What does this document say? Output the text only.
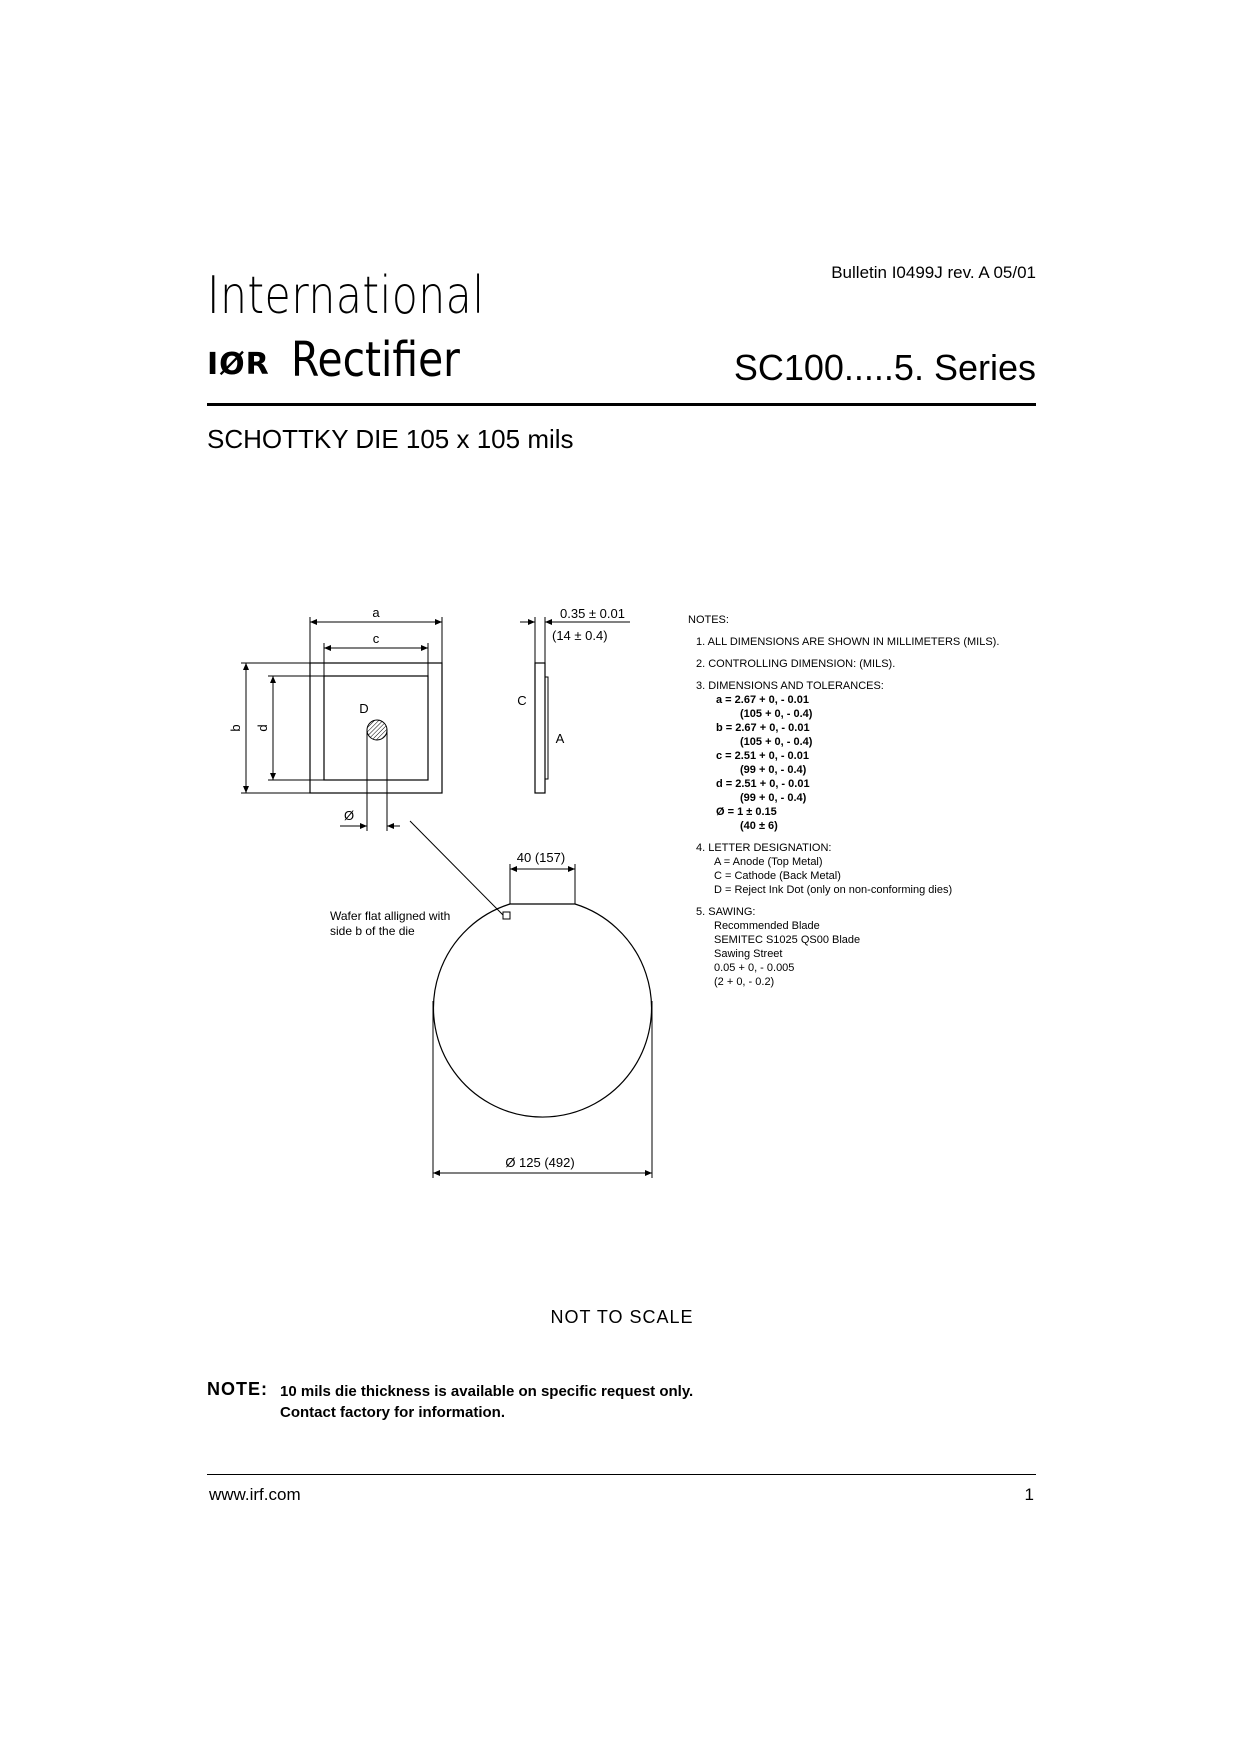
Bulletin I0499J rev. A 05/01
International
IØR Rectifier	SC100.....5. Series
SCHOTTKY DIE 105 x 105 mils
a
c
b d
D
Ø
C
A
0.35 ± 0.01
(14 ± 0.4)
40 (157)
Wafer flat alligned with
side b of the die
Ø 125 (492)
NOTES:
1. ALL DIMENSIONS ARE SHOWN IN MILLIMETERS (MILS).
2. CONTROLLING DIMENSION: (MILS).
3. DIMENSIONS AND TOLERANCES:
a = 2.67 + 0, - 0.01
(105 + 0, - 0.4)
b = 2.67 + 0, - 0.01
(105 + 0, - 0.4)
c = 2.51 + 0, - 0.01
(99 + 0, - 0.4)
d = 2.51 + 0, - 0.01
(99 + 0, - 0.4)
Ø = 1 ± 0.15
(40 ± 6)
4. LETTER DESIGNATION:
A = Anode (Top Metal)
C = Cathode (Back Metal)
D = Reject Ink Dot (only on non-conforming dies)
5. SAWING:
Recommended Blade
SEMITEC S1025 QS00 Blade
Sawing Street
0.05 + 0, - 0.005
(2 + 0, - 0.2)
NOT TO SCALE
NOTE: 10 mils die thickness is available on specific request only.
Contact factory for information.
www.irf.com	1
